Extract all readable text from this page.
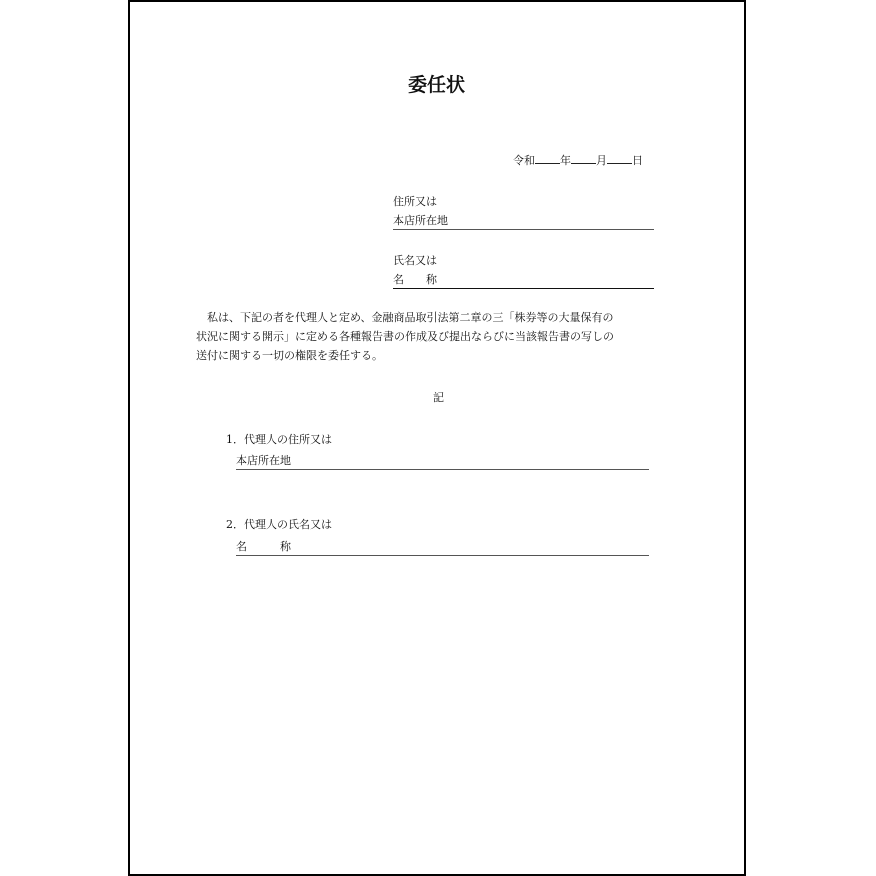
委任状
令和 年 月 日
住所又は
本店所在地
氏名又は
名　　称
　私は、下記の者を代理人と定め、金融商品取引法第二章の三「株券等の大量保有の
状況に関する開示」に定める各種報告書の作成及び提出ならびに当該報告書の写しの
送付に関する一切の権限を委任する。
記
1．代理人の住所又は
本店所在地
2．代理人の氏名又は
名　　　称
